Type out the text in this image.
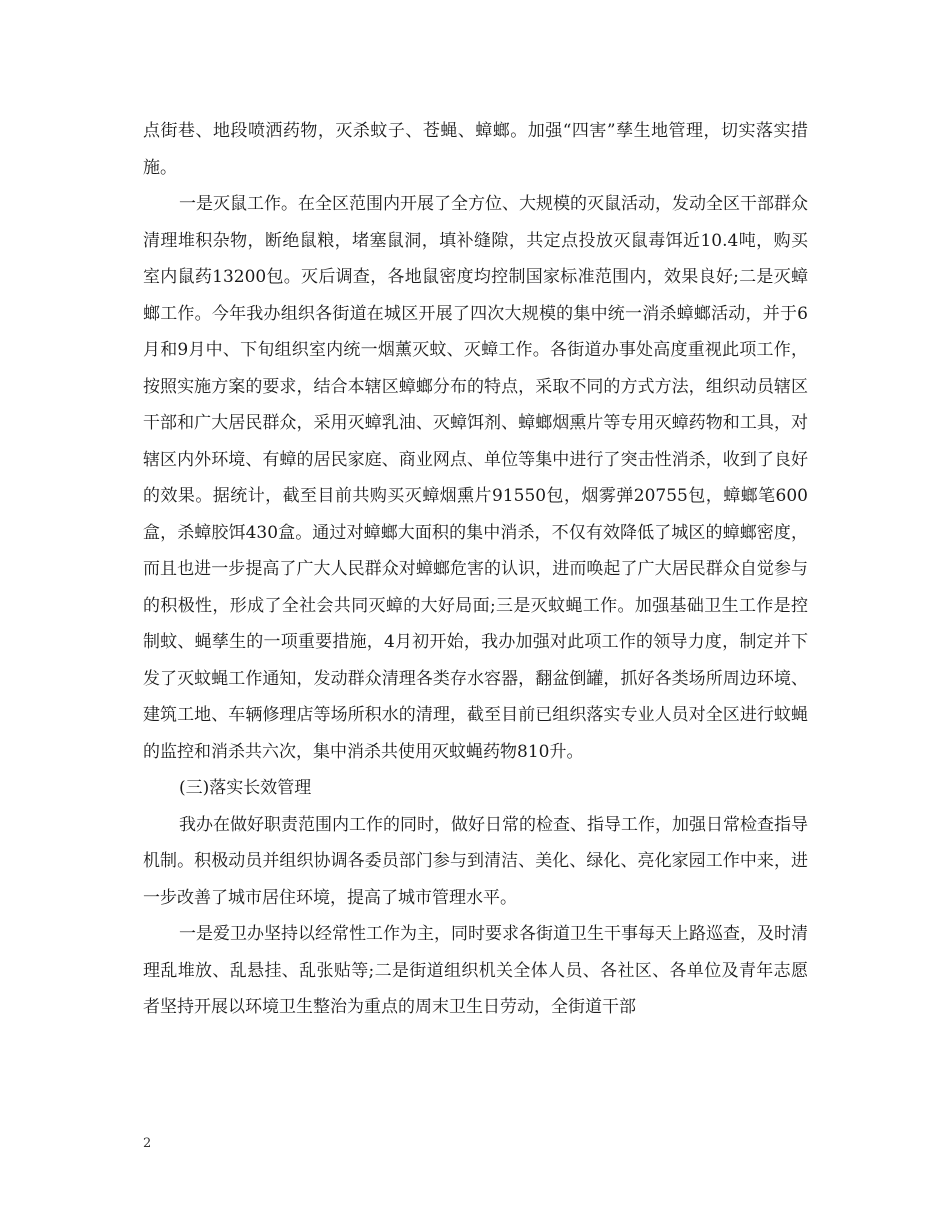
点街巷、地段喷洒药物，灭杀蚊子、苍蝇、蟑螂。加强“四害”孳生地管理，切实落实措施。

一是灭鼠工作。在全区范围内开展了全方位、大规模的灭鼠活动，发动全区干部群众清理堆积杂物，断绝鼠粮，堵塞鼠洞，填补缝隙，共定点投放灭鼠毒饵近10.4吨，购买室内鼠药13200包。灭后调查，各地鼠密度均控制国家标准范围内，效果良好;二是灭蟑螂工作。今年我办组织各街道在城区开展了四次大规模的集中统一消杀蟑螂活动，并于6月和9月中、下旬组织室内统一烟薰灭蚊、灭蟑工作。各街道办事处高度重视此项工作，按照实施方案的要求，结合本辖区蟑螂分布的特点，采取不同的方式方法，组织动员辖区干部和广大居民群众，采用灭蟑乳油、灭蟑饵剂、蟑螂烟熏片等专用灭蟑药物和工具，对辖区内外环境、有蟑的居民家庭、商业网点、单位等集中进行了突击性消杀，收到了良好的效果。据统计，截至目前共购买灭蟑烟熏片91550包，烟雾弹20755包，蟑螂笔600盒，杀蟑胶饵430盒。通过对蟑螂大面积的集中消杀，不仅有效降低了城区的蟑螂密度，而且也进一步提高了广大人民群众对蟑螂危害的认识，进而唤起了广大居民群众自觉参与的积极性，形成了全社会共同灭蟑的大好局面;三是灭蚊蝇工作。加强基础卫生工作是控制蚊、蝇孳生的一项重要措施，4月初开始，我办加强对此项工作的领导力度，制定并下发了灭蚊蝇工作通知，发动群众清理各类存水容器，翻盆倒罐，抓好各类场所周边环境、建筑工地、车辆修理店等场所积水的清理，截至目前已组织落实专业人员对全区进行蚊蝇的监控和消杀共六次，集中消杀共使用灭蚊蝇药物810升。

(三)落实长效管理

我办在做好职责范围内工作的同时，做好日常的检查、指导工作，加强日常检查指导机制。积极动员并组织协调各委员部门参与到清洁、美化、绿化、亮化家园工作中来，进一步改善了城市居住环境，提高了城市管理水平。

一是爱卫办坚持以经常性工作为主，同时要求各街道卫生干事每天上路巡查，及时清理乱堆放、乱悬挂、乱张贴等;二是街道组织机关全体人员、各社区、各单位及青年志愿者坚持开展以环境卫生整治为重点的周末卫生日劳动，全街道干部

2
